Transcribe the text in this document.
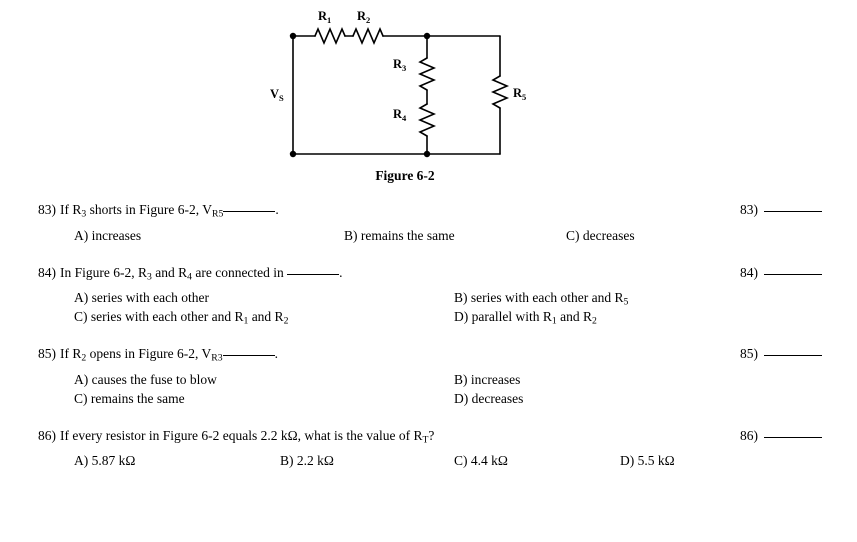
$R_1$ $R_2$
$R_3$
$R_4$
$R_5$
$V_S$
Figure 6-2
83) If $R_3$ shorts in Figure 6-2, $V_{R5}$	.
A) increases	B) remains the same	C) decreases
83)
84) In Figure 6-2, $R_3$ and $R_4$ are connected in	.
A) series with each other	B) series with each other and $R_5$
C) series with each other and $R_1$ and $R_2$	D) parallel with $R_1$ and $R_2$
84)
85) If $R_2$ opens in Figure 6-2, $V_{R3}$	.
A) causes the fuse to blow	B) increases
C) remains the same	D) decreases
85)
86) If every resistor in Figure 6-2 equals 2.2 kΩ, what is the value of $R_T$?
A) 5.87 kΩ	B) 2.2 kΩ	C) 4.4 kΩ	D) 5.5 kΩ
86)
